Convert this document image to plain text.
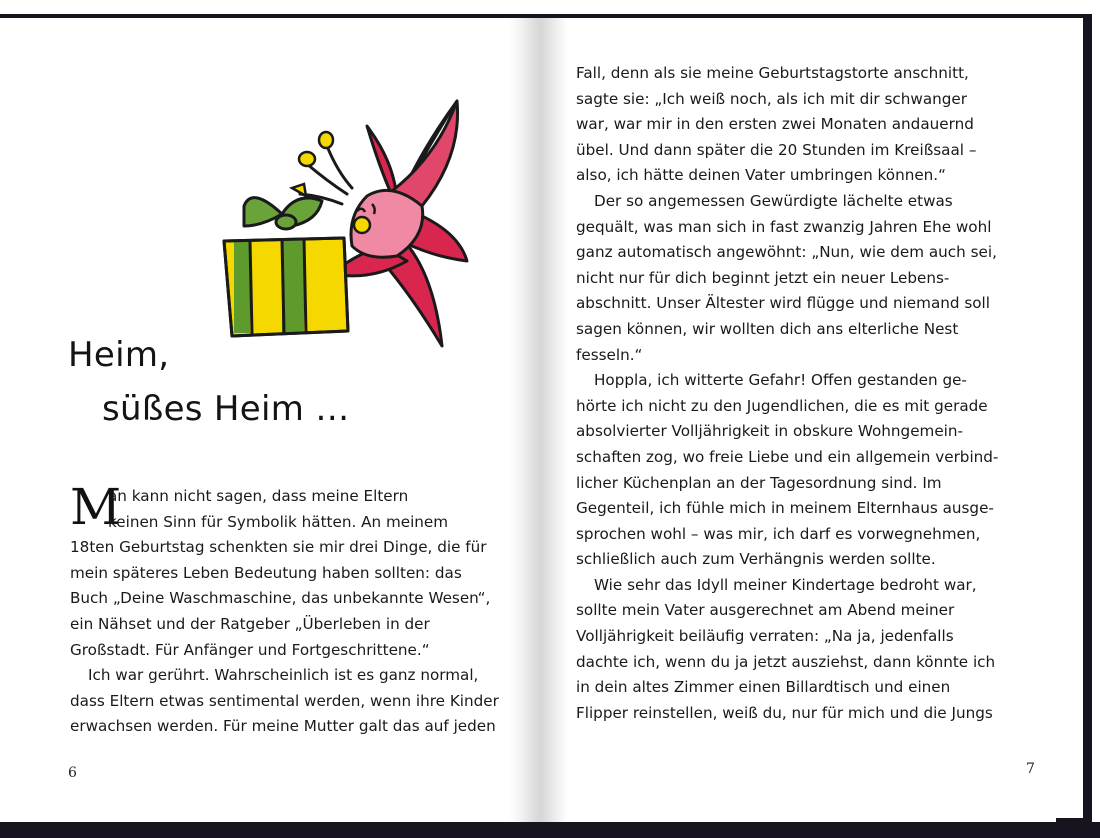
Heim,
süßes Heim …

M
an kann nicht sagen, dass meine Eltern

keinen Sinn für Symbolik hätten. An meinem

18ten Geburtstag schenkten sie mir drei Dinge, die für

mein späteres Leben Bedeutung haben sollten: das

Buch „Deine Waschmaschine, das unbekannte Wesen“,

ein Nähset und der Ratgeber „Überleben in der

Großstadt. Für Anfänger und Fortgeschrittene.“

Ich war gerührt. Wahrscheinlich ist es ganz normal,

dass Eltern etwas sentimental werden, wenn ihre Kinder

erwachsen werden. Für meine Mutter galt das auf jeden

6

Fall, denn als sie meine Geburtstagstorte anschnitt,

sagte sie: „Ich weiß noch, als ich mit dir schwanger

war, war mir in den ersten zwei Monaten andauernd

übel. Und dann später die 20 Stunden im Kreißsaal –

also, ich hätte deinen Vater umbringen können.“

Der so angemessen Gewürdigte lächelte etwas

gequält, was man sich in fast zwanzig Jahren Ehe wohl

ganz automatisch angewöhnt: „Nun, wie dem auch sei,

nicht nur für dich beginnt jetzt ein neuer Lebens-

abschnitt. Unser Ältester wird flügge und niemand soll

sagen können, wir wollten dich ans elterliche Nest

fesseln.“

Hoppla, ich witterte Gefahr! Offen gestanden ge-

hörte ich nicht zu den Jugendlichen, die es mit gerade

absolvierter Volljährigkeit in obskure Wohngemein-

schaften zog, wo freie Liebe und ein allgemein verbind-

licher Küchenplan an der Tagesordnung sind. Im

Gegenteil, ich fühle mich in meinem Elternhaus ausge-

sprochen wohl – was mir, ich darf es vorwegnehmen,

schließlich auch zum Verhängnis werden sollte.

Wie sehr das Idyll meiner Kindertage bedroht war,

sollte mein Vater ausgerechnet am Abend meiner

Volljährigkeit beiläufig verraten: „Na ja, jedenfalls

dachte ich, wenn du ja jetzt ausziehst, dann könnte ich

in dein altes Zimmer einen Billardtisch und einen

Flipper reinstellen, weiß du, nur für mich und die Jungs

7
